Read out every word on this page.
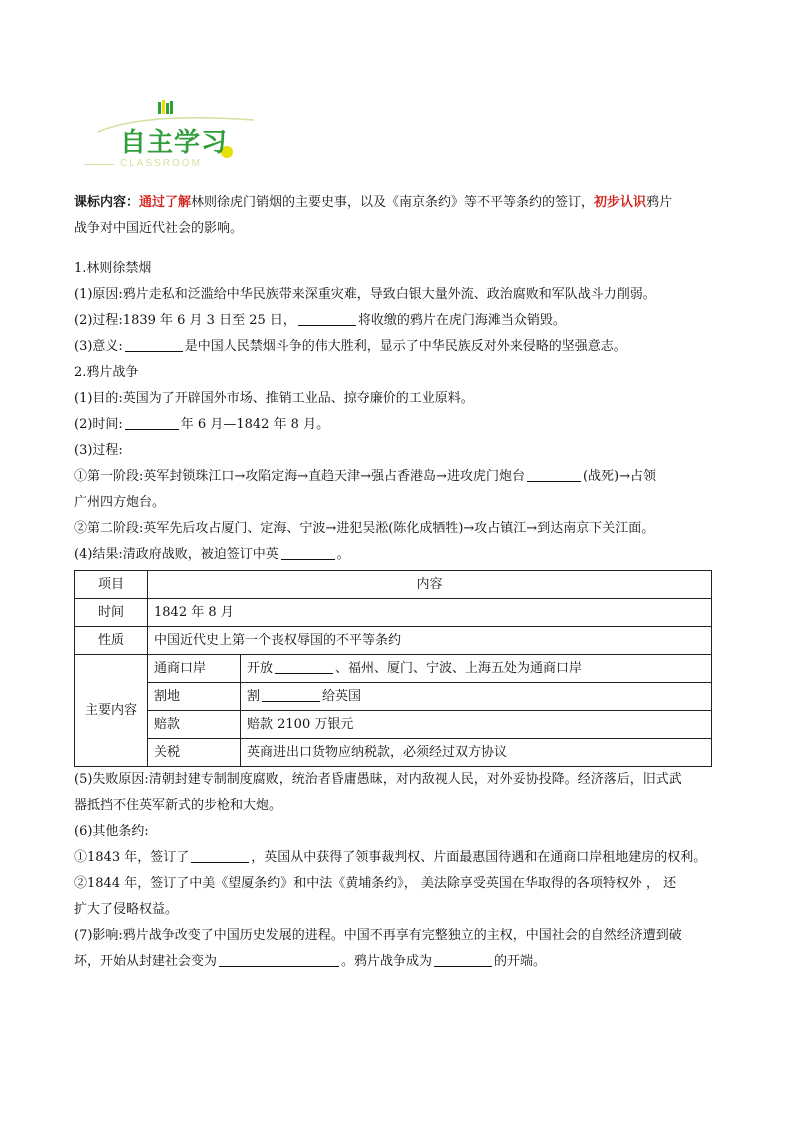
自主学习
CLASSROOM

课标内容：通过了解林则徐虎门销烟的主要史事，以及《南京条约》等不平等条约的签订，初步认识鸦片

战争对中国近代社会的影响。

1.林则徐禁烟

(1)原因:鸦片走私和泛滥给中华民族带来深重灾难，导致白银大量外流、政治腐败和军队战斗力削弱。

(2)过程:1839 年 6 月 3 日至 25 日，	将收缴的鸦片在虎门海滩当众销毁。

(3)意义:	是中国人民禁烟斗争的伟大胜利，显示了中华民族反对外来侵略的坚强意志。

2.鸦片战争

(1)目的:英国为了开辟国外市场、推销工业品、掠夺廉价的工业原料。

(2)时间:	年 6 月—1842 年 8 月。

(3)过程:

①第一阶段:英军封锁珠江口→攻陷定海→直趋天津→强占香港岛→进攻虎门炮台	(战死)→占领

广州四方炮台。

②第二阶段:英军先后攻占厦门、定海、宁波→进犯吴淞(陈化成牺牲)→攻占镇江→到达南京下关江面。

(4)结果:清政府战败，被迫签订中英	。

项目	内容	
时间	1842 年 8 月	
性质	中国近代史上第一个丧权辱国的不平等条约	
主要内容	通商口岸	开放 、福州、厦门、宁波、上海五处为通商口岸
	割地	割 给英国
	赔款	赔款 2100 万银元
	关税	英商进出口货物应纳税款，必须经过双方协议

(5)失败原因:清朝封建专制制度腐败，统治者昏庸愚昧，对内敌视人民，对外妥协投降。经济落后，旧式武

器抵挡不住英军新式的步枪和大炮。

(6)其他条约:

①1843 年，签订了	，英国从中获得了领事裁判权、片面最惠国待遇和在通商口岸租地建房的权利。

②1844 年，签订了中美《望厦条约》和中法《黄埔条约》， 美法除享受英国在华取得的各项特权外 ， 还

扩大了侵略权益。

(7)影响:鸦片战争改变了中国历史发展的进程。中国不再享有完整独立的主权，中国社会的自然经济遭到破

坏，开始从封建社会变为	。鸦片战争成为	的开端。
